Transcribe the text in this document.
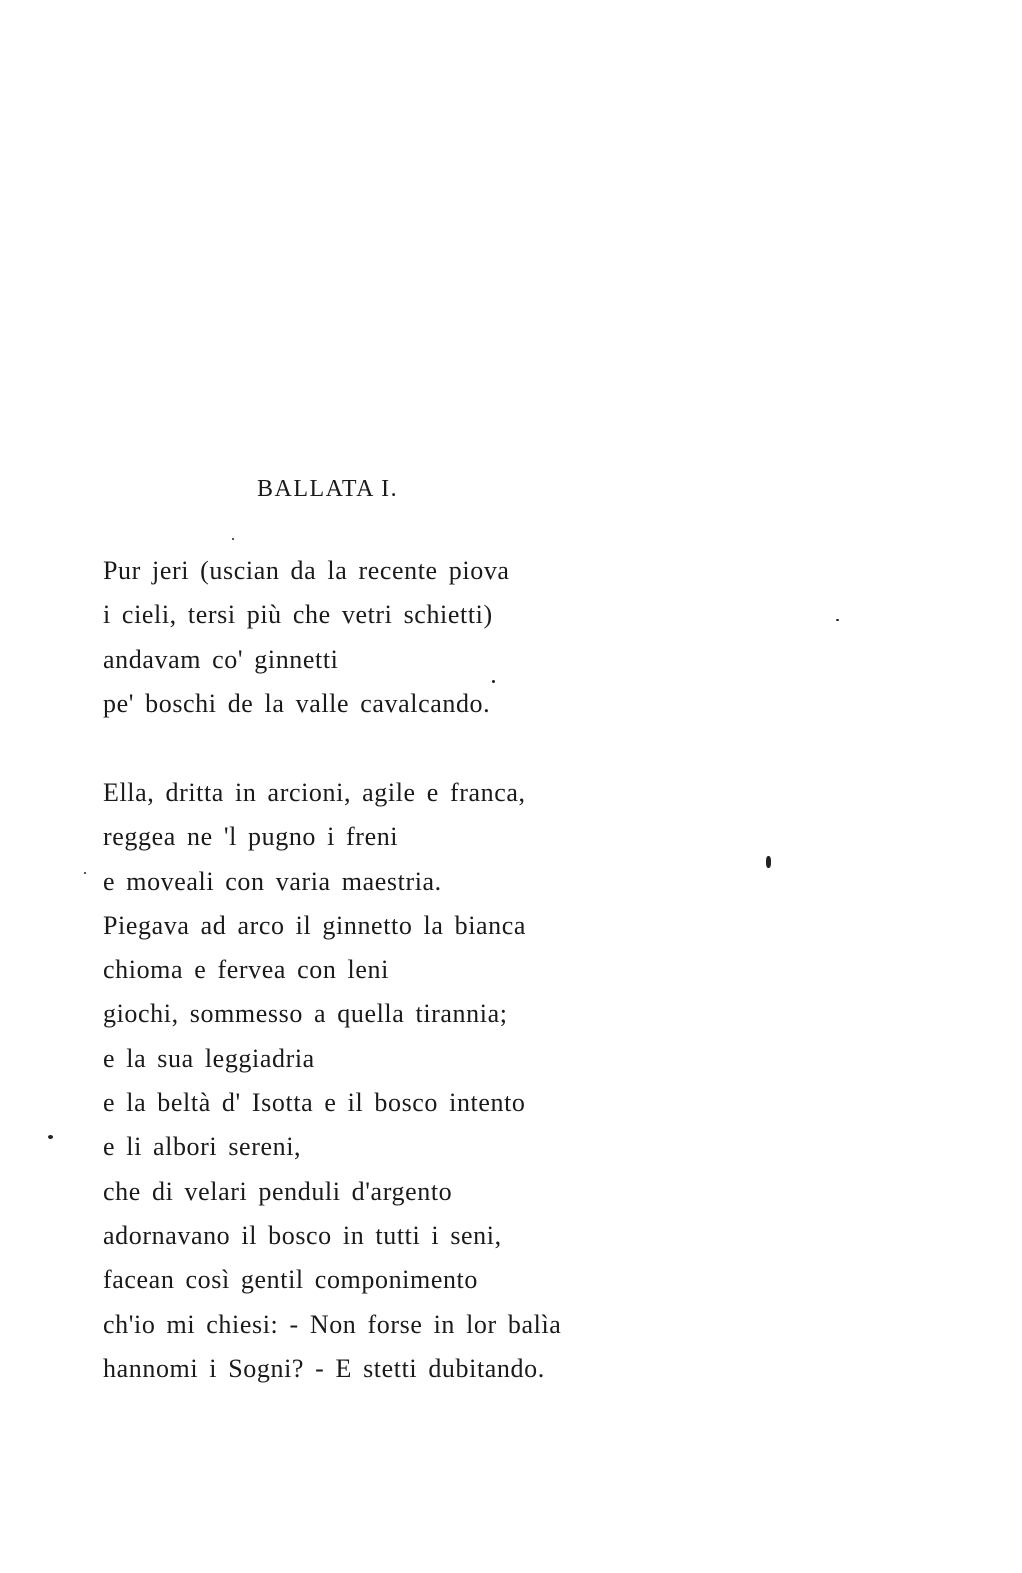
BALLATA I.
Pur jeri (uscian da la recente piova
i cieli, tersi più che vetri schietti)
andavam co' ginnetti
pe' boschi de la valle cavalcando.
Ella, dritta in arcioni, agile e franca,
reggea ne 'l pugno i freni
e moveali con varia maestria.
Piegava ad arco il ginnetto la bianca
chioma e fervea con leni
giochi, sommesso a quella tirannia;
e la sua leggiadria
e la beltà d' Isotta e il bosco intento
e li albori sereni,
che di velari penduli d'argento
adornavano il bosco in tutti i seni,
facean così gentil componimento
ch'io mi chiesi: - Non forse in lor balìa
hannomi i Sogni? - E stetti dubitando.
